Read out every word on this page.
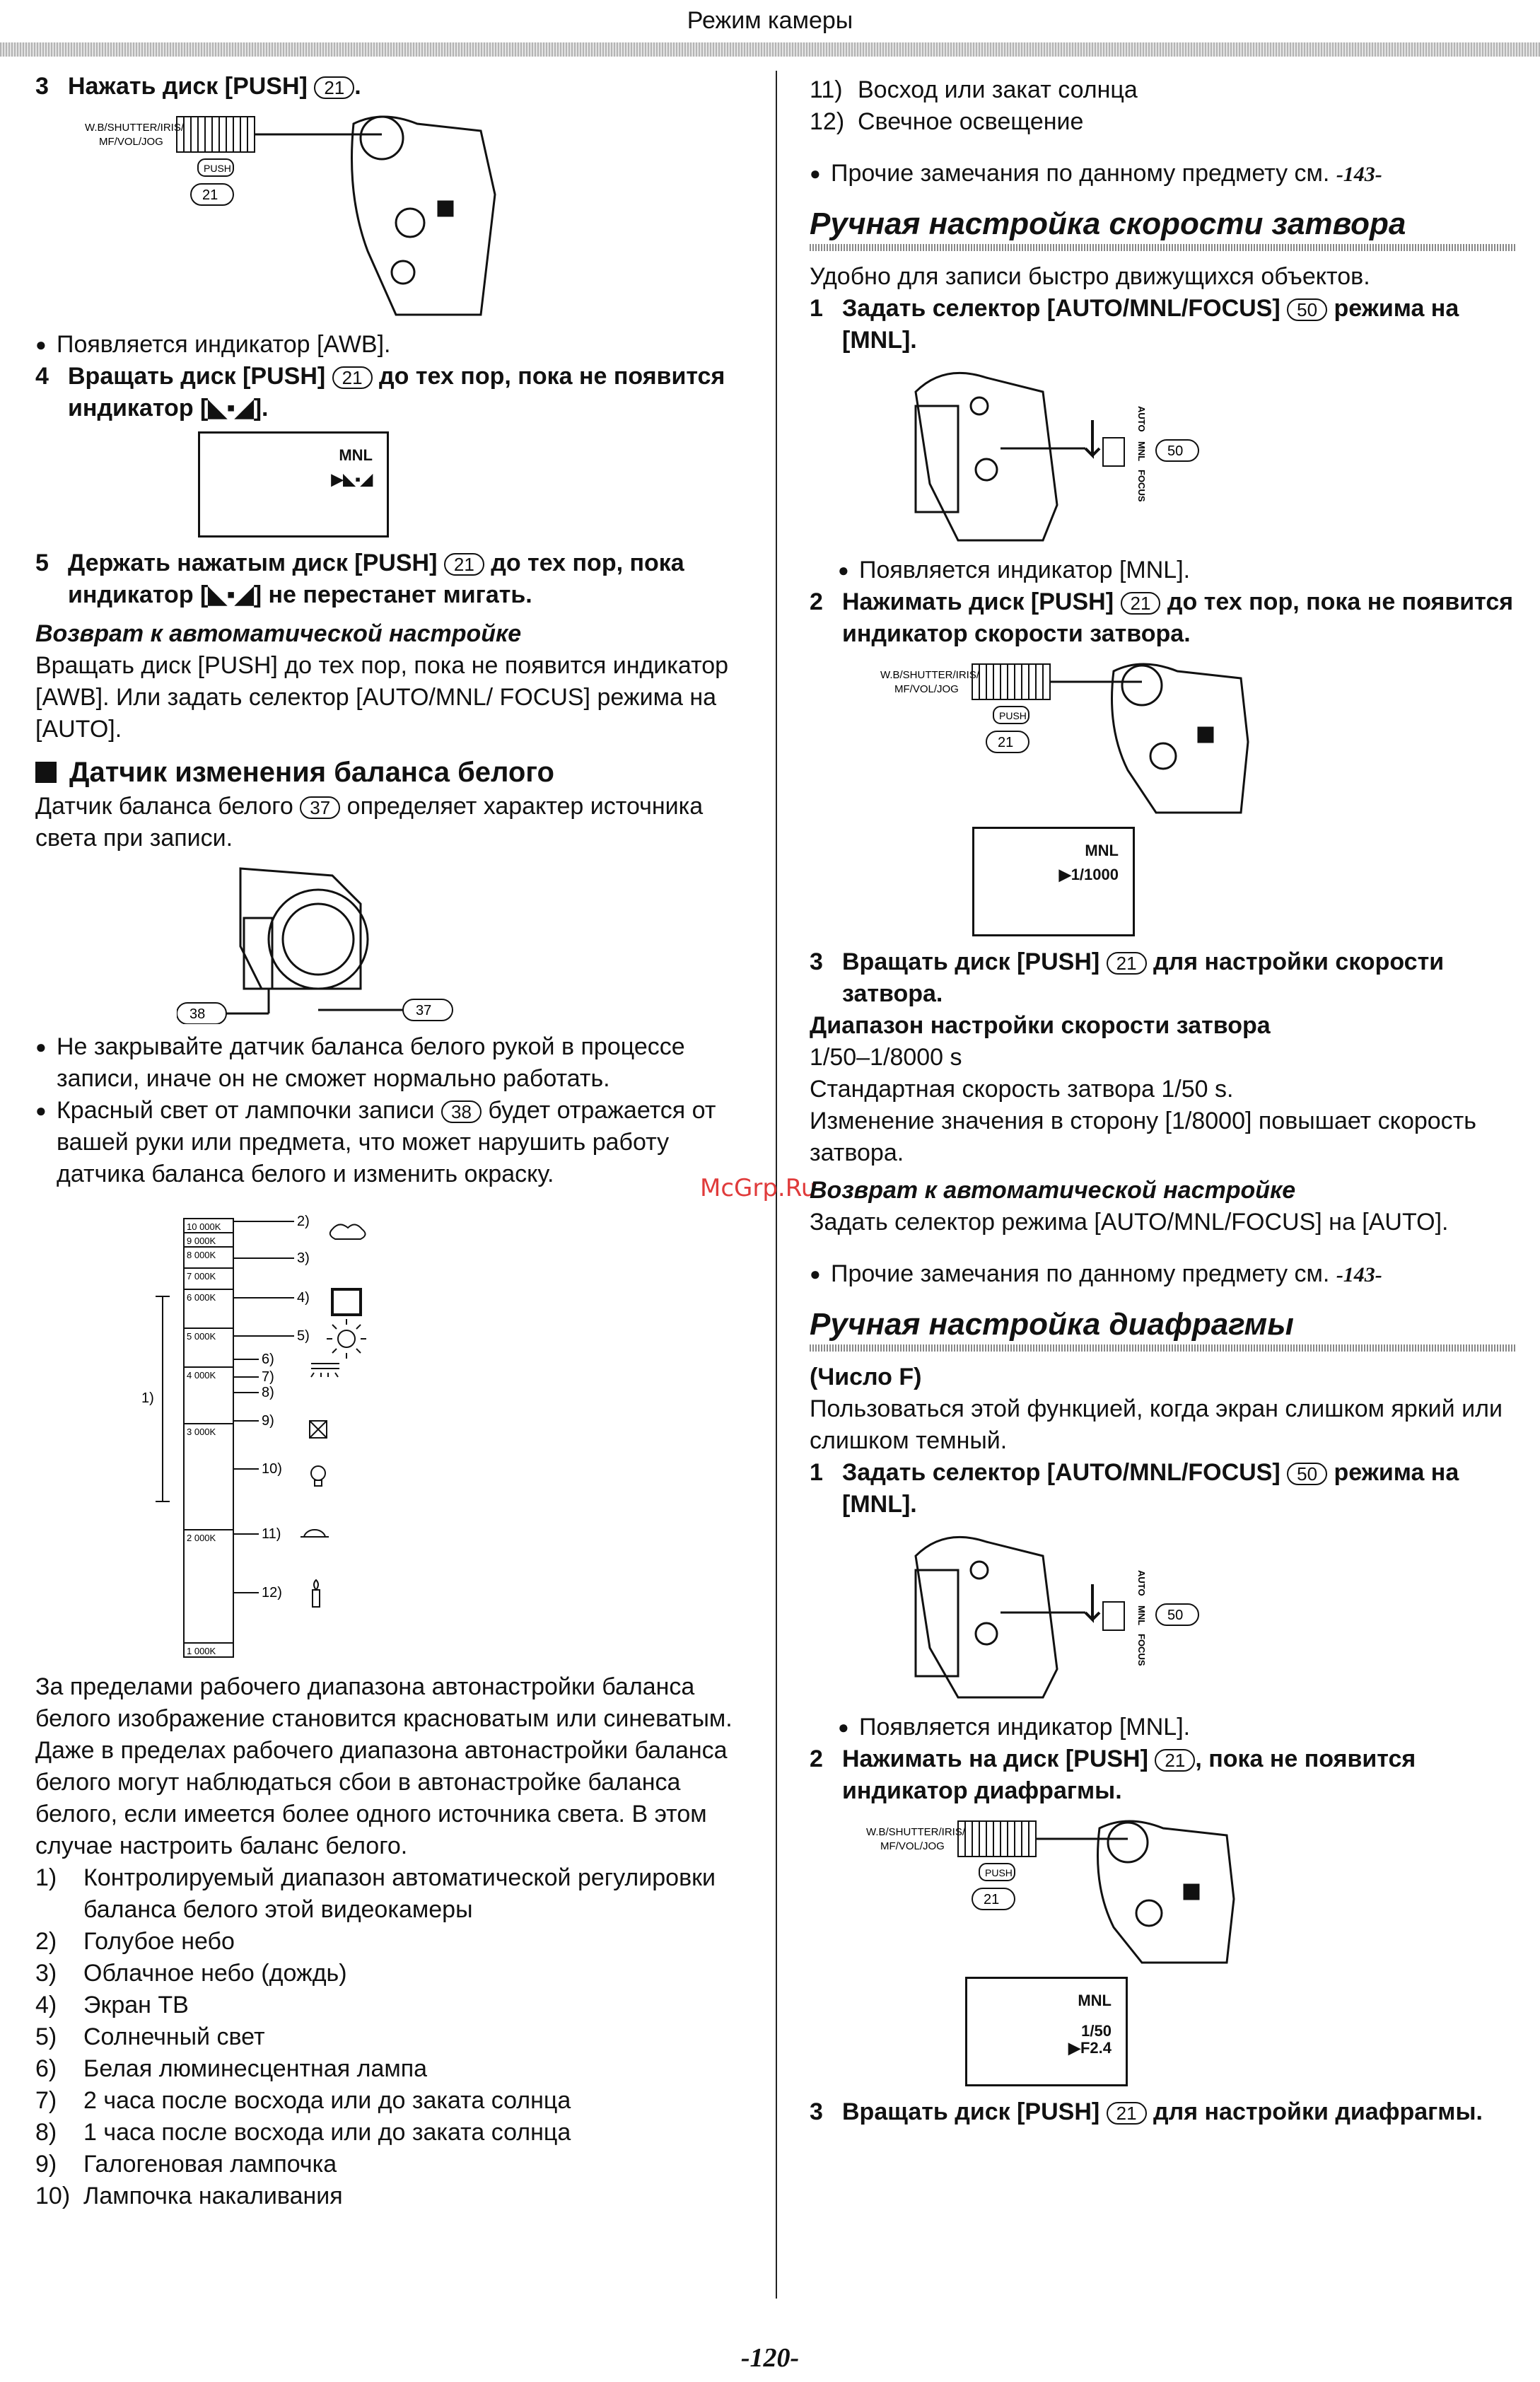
Режим камеры
3 Нажать диск [PUSH] 21 .
W.B/SHUTTER/IRIS/
MF/VOL/JOG
PUSH
21
● Появляется индикатор [AWB].
4 Вращать диск [PUSH] 21 до тех пор, пока не появится индикатор [◣▪◢].
MNL
▶◣▪◢
5 Держать нажатым диск [PUSH] 21 до тех пор, пока индикатор [◣▪◢] не перестанет мигать.
Возврат к автоматической настройке
Вращать диск [PUSH] до тех пор, пока не появится индикатор [AWB]. Или задать селектор [AUTO/MNL/ FOCUS] режима на [AUTO].
Датчик изменения баланса белого
Датчик баланса белого 37 определяет характер источника света при записи.
38	37
● Не закрывайте датчик баланса белого рукой в процессе записи, иначе он не сможет нормально работать.
● Красный свет от лампочки записи 38 будет отражается от вашей руки или предмета, что может нарушить работу датчика баланса белого и изменить окраску.
10 000K
9 000K
8 000K
7 000K
6 000K
5 000K
4 000K
3 000K
2 000K
1 000K
1)
2)
3)
4)
5)
6)
7)
8)
9)
10)
11)
12)
За пределами рабочего диапазона автонастройки баланса белого изображение становится красноватым или синеватым. Даже в пределах рабочего диапазона автонастройки баланса белого могут наблюдаться сбои в автонастройке баланса белого, если имеется более одного источника света. В этом случае настроить баланс белого.
1)	Контролируемый диапазон автоматической регулировки баланса белого этой видеокамеры
2)	Голубое небо
3)	Облачное небо (дождь)
4)	Экран ТВ
5)	Солнечный свет
6)	Белая люминесцентная лампа
7)	2 часа после восхода или до заката солнца
8)	1 часа после восхода или до заката солнца
9)	Галогеновая лампочка
10) Лампочка накаливания
McGrp.Ru
11) Восход или закат солнца
12) Свечное освещение
● Прочие замечания по данному предмету см. -143-
Ручная настройка скорости затвора
Удобно для записи быстро движущихся объектов.
1 Задать селектор [AUTO/MNL/FOCUS] 50 режима на [MNL].
AUTO
MNL
FOCUS
50
● Появляется индикатор [MNL].
2 Нажимать диск [PUSH] 21 до тех пор, пока не появится индикатор скорости затвора.
W.B/SHUTTER/IRIS/
MF/VOL/JOG
PUSH
21
MNL
▶1/1000
3 Вращать диск [PUSH] 21 для настройки скорости затвора.
Диапазон настройки скорости затвора
1/50–1/8000 s
Стандартная скорость затвора 1/50 s.
Изменение значения в сторону [1/8000] повышает скорость затвора.
Возврат к автоматической настройке
Задать селектор режима [AUTO/MNL/FOCUS] на [AUTO].
● Прочие замечания по данному предмету см. -143-
Ручная настройка диафрагмы
(Число F)
Пользоваться этой функцией, когда экран слишком яркий или слишком темный.
1 Задать селектор [AUTO/MNL/FOCUS] 50 режима на [MNL].
AUTO
MNL
FOCUS
50
● Появляется индикатор [MNL].
2 Нажимать на диск [PUSH] 21 , пока не появится индикатор диафрагмы.
W.B/SHUTTER/IRIS/
MF/VOL/JOG
PUSH
21
MNL
1/50
▶F2.4
3 Вращать диск [PUSH] 21 для настройки диафрагмы.
-120-
